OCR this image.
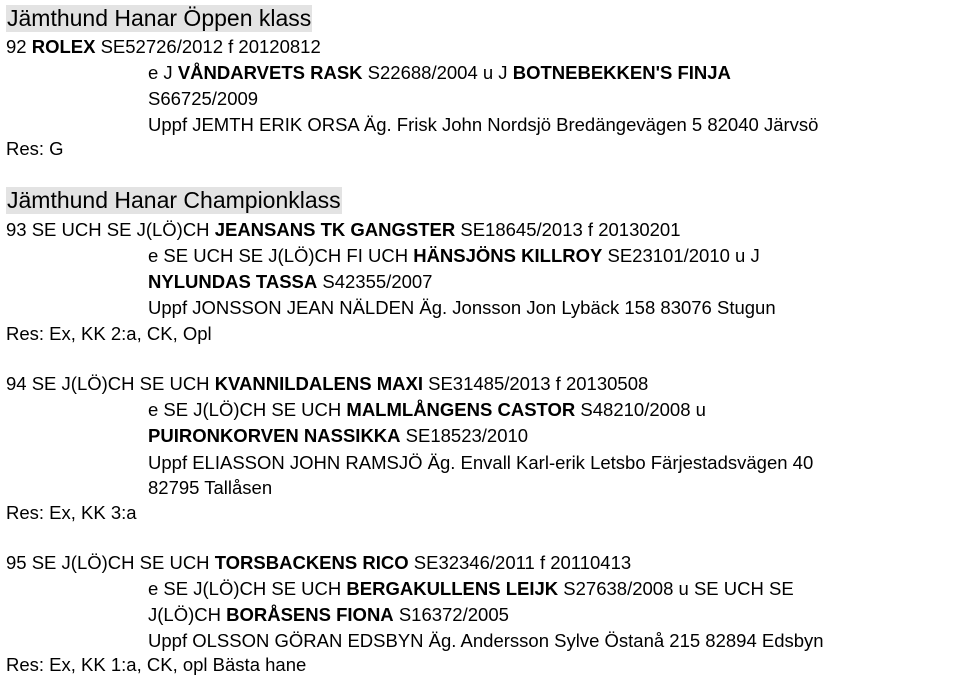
Jämthund Hanar Öppen klass
92 ROLEX SE52726/2012 f 20120812
e J VÅNDARVETS RASK S22688/2004 u J BOTNEBEKKEN'S FINJA
S66725/2009
Uppf JEMTH ERIK ORSA Äg. Frisk John Nordsjö Bredängevägen 5 82040 Järvsö
Res: G
Jämthund Hanar Championklass
93 SE UCH SE J(LÖ)CH JEANSANS TK GANGSTER SE18645/2013 f 20130201
e SE UCH SE J(LÖ)CH FI UCH HÄNSJÖNS KILLROY SE23101/2010 u J
NYLUNDAS TASSA S42355/2007
Uppf JONSSON JEAN NÄLDEN Äg. Jonsson Jon Lybäck 158 83076 Stugun
Res: Ex, KK 2:a, CK, Opl
94 SE J(LÖ)CH SE UCH KVANNILDALENS MAXI SE31485/2013 f 20130508
e SE J(LÖ)CH SE UCH MALMLÅNGENS CASTOR S48210/2008 u
PUIRONKORVEN NASSIKKA SE18523/2010
Uppf ELIASSON JOHN RAMSJÖ Äg. Envall Karl-erik Letsbo Färjestadsvägen 40
82795 Tallåsen
Res: Ex, KK 3:a
95 SE J(LÖ)CH SE UCH TORSBACKENS RICO SE32346/2011 f 20110413
e SE J(LÖ)CH SE UCH BERGAKULLENS LEIJK S27638/2008 u SE UCH SE
J(LÖ)CH BORÅSENS FIONA S16372/2005
Uppf OLSSON GÖRAN EDSBYN Äg. Andersson Sylve Östanå 215 82894 Edsbyn
Res: Ex, KK 1:a, CK, opl Bästa hane
